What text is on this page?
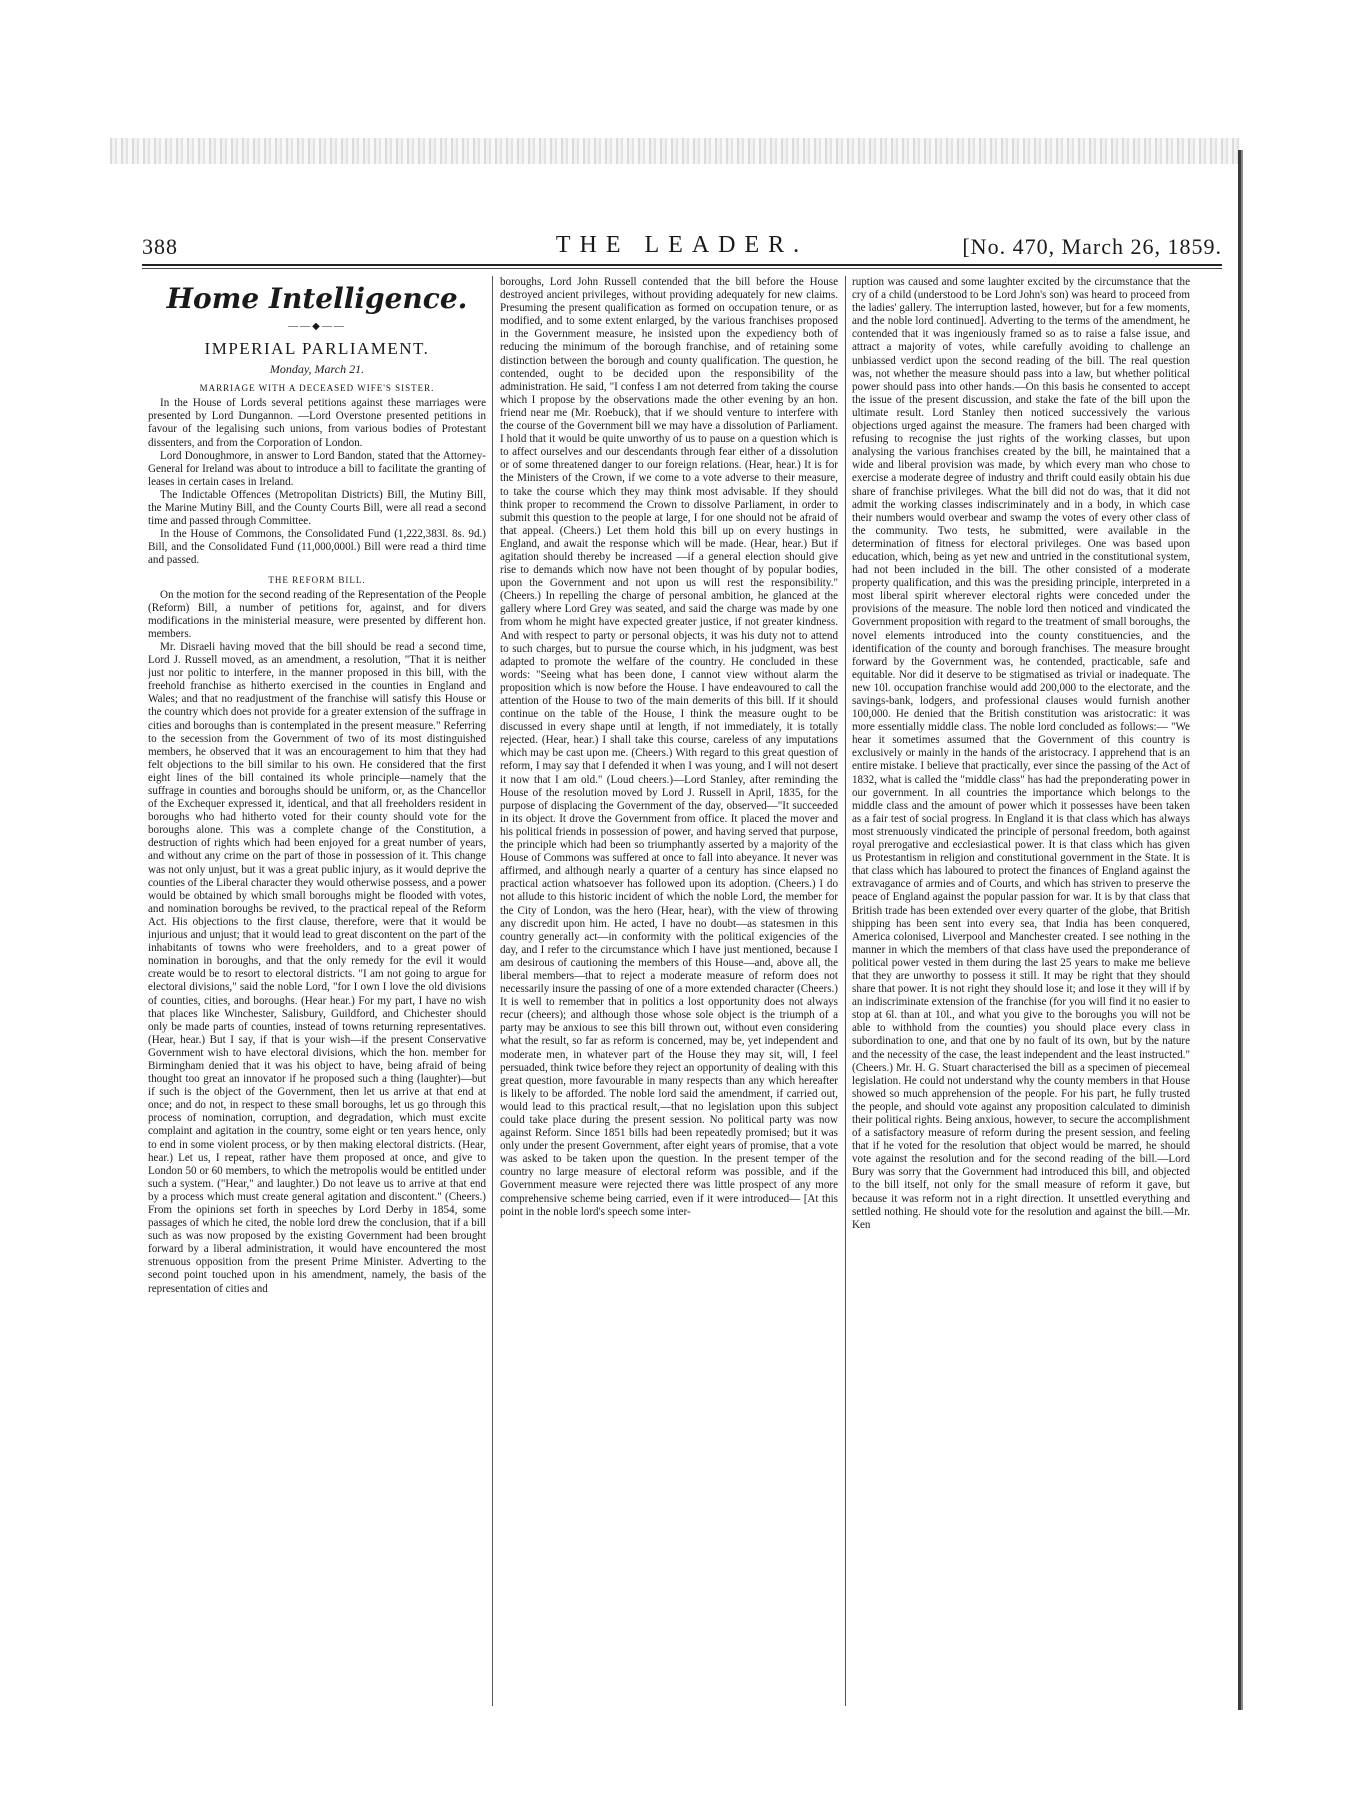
THE LEADER.
388	[No. 470, March 26, 1859.
Home Intelligence.
——◆——
IMPERIAL PARLIAMENT.
Monday, March 21.
MARRIAGE WITH A DECEASED WIFE'S SISTER.

In the House of Lords several petitions against these marriages were presented by Lord Dungannon. —Lord Overstone presented petitions in favour of the legalising such unions, from various bodies of Protestant dissenters, and from the Corporation of London.

Lord Donoughmore, in answer to Lord Bandon, stated that the Attorney-General for Ireland was about to introduce a bill to facilitate the granting of leases in certain cases in Ireland.

The Indictable Offences (Metropolitan Districts) Bill, the Mutiny Bill, the Marine Mutiny Bill, and the County Courts Bill, were all read a second time and passed through Committee.

In the House of Commons, the Consolidated Fund (1,222,383l. 8s. 9d.) Bill, and the Consolidated Fund (11,000,000l.) Bill were read a third time and passed.

THE REFORM BILL.

On the motion for the second reading of the Representation of the People (Reform) Bill, a number of petitions for, against, and for divers modifications in the ministerial measure, were presented by different hon. members.

Mr. Disraeli having moved that the bill should be read a second time, Lord J. Russell moved, as an amendment, a resolution, "That it is neither just nor politic to interfere, in the manner proposed in this bill, with the freehold franchise as hitherto exercised in the counties in England and Wales; and that no readjustment of the franchise will satisfy this House or the country which does not provide for a greater extension of the suffrage in cities and boroughs than is contemplated in the present measure." Referring to the secession from the Government of two of its most distinguished members, he observed that it was an encouragement to him that they had felt objections to the bill similar to his own. He considered that the first eight lines of the bill contained its whole principle—namely that the suffrage in counties and boroughs should be uniform, or, as the Chancellor of the Exchequer expressed it, identical, and that all freeholders resident in boroughs who had hitherto voted for their county should vote for the boroughs alone. This was a complete change of the Constitution, a destruction of rights which had been enjoyed for a great number of years, and without any crime on the part of those in possession of it. This change was not only unjust, but it was a great public injury, as it would deprive the counties of the Liberal character they would otherwise possess, and a power would be obtained by which small boroughs might be flooded with votes, and nomination boroughs be revived, to the practical repeal of the Reform Act. His objections to the first clause, therefore, were that it would be injurious and unjust; that it would lead to great discontent on the part of the inhabitants of towns who were freeholders, and to a great power of nomination in boroughs, and that the only remedy for the evil it would create would be to resort to electoral districts. "I am not going to argue for electoral divisions," said the noble Lord, "for I own I love the old divisions of counties, cities, and boroughs. (Hear hear.) For my part, I have no wish that places like Winchester, Salisbury, Guildford, and Chichester should only be made parts of counties, instead of towns returning representatives. (Hear, hear.) But I say, if that is your wish—if the present Conservative Government wish to have electoral divisions, which the hon. member for Birmingham denied that it was his object to have, being afraid of being thought too great an innovator if he proposed such a thing (laughter)—but if such is the object of the Government, then let us arrive at that end at once; and do not, in respect to these small boroughs, let us go through this process of nomination, corruption, and degradation, which must excite complaint and agitation in the country, some eight or ten years hence, only to end in some violent process, or by then making electoral districts. (Hear, hear.) Let us, I repeat, rather have them proposed at once, and give to London 50 or 60 members, to which the metropolis would be entitled under such a system. ("Hear," and laughter.) Do not leave us to arrive at that end by a process which must create general agitation and discontent." (Cheers.) From the opinions set forth in speeches by Lord Derby in 1854, some passages of which he cited, the noble lord drew the conclusion, that if a bill such as was now proposed by the existing Government had been brought forward by a liberal administration, it would have encountered the most strenuous opposition from the present Prime Minister. Adverting to the second point touched upon in his amendment, namely, the basis of the representation of cities and

boroughs, Lord John Russell contended that the bill before the House destroyed ancient privileges, without providing adequately for new claims. Presuming the present qualification as formed on occupation tenure, or as modified, and to some extent enlarged, by the various franchises proposed in the Government measure, he insisted upon the expediency both of reducing the minimum of the borough franchise, and of retaining some distinction between the borough and county qualification. The question, he contended, ought to be decided upon the responsibility of the administration. He said, "I confess I am not deterred from taking the course which I propose by the observations made the other evening by an hon. friend near me (Mr. Roebuck), that if we should venture to interfere with the course of the Government bill we may have a dissolution of Parliament. I hold that it would be quite unworthy of us to pause on a question which is to affect ourselves and our descendants through fear either of a dissolution or of some threatened danger to our foreign relations. (Hear, hear.) It is for the Ministers of the Crown, if we come to a vote adverse to their measure, to take the course which they may think most advisable. If they should think proper to recommend the Crown to dissolve Parliament, in order to submit this question to the people at large, I for one should not be afraid of that appeal. (Cheers.) Let them hold this bill up on every hustings in England, and await the response which will be made. (Hear, hear.) But if agitation should thereby be increased —if a general election should give rise to demands which now have not been thought of by popular bodies, upon the Government and not upon us will rest the responsibility." (Cheers.) In repelling the charge of personal ambition, he glanced at the gallery where Lord Grey was seated, and said the charge was made by one from whom he might have expected greater justice, if not greater kindness. And with respect to party or personal objects, it was his duty not to attend to such charges, but to pursue the course which, in his judgment, was best adapted to promote the welfare of the country. He concluded in these words: "Seeing what has been done, I cannot view without alarm the proposition which is now before the House. I have endeavoured to call the attention of the House to two of the main demerits of this bill. If it should continue on the table of the House, I think the measure ought to be discussed in every shape until at length, if not immediately, it is totally rejected. (Hear, hear.) I shall take this course, careless of any imputations which may be cast upon me. (Cheers.) With regard to this great question of reform, I may say that I defended it when I was young, and I will not desert it now that I am old." (Loud cheers.)—Lord Stanley, after reminding the House of the resolution moved by Lord J. Russell in April, 1835, for the purpose of displacing the Government of the day, observed—"It succeeded in its object. It drove the Government from office. It placed the mover and his political friends in possession of power, and having served that purpose, the principle which had been so triumphantly asserted by a majority of the House of Commons was suffered at once to fall into abeyance. It never was affirmed, and although nearly a quarter of a century has since elapsed no practical action whatsoever has followed upon its adoption. (Cheers.) I do not allude to this historic incident of which the noble Lord, the member for the City of London, was the hero (Hear, hear), with the view of throwing any discredit upon him. He acted, I have no doubt—as statesmen in this country generally act—in conformity with the political exigencies of the day, and I refer to the circumstance which I have just mentioned, because I am desirous of cautioning the members of this House—and, above all, the liberal members—that to reject a moderate measure of reform does not necessarily insure the passing of one of a more extended character (Cheers.) It is well to remember that in politics a lost opportunity does not always recur (cheers); and although those whose sole object is the triumph of a party may be anxious to see this bill thrown out, without even considering what the result, so far as reform is concerned, may be, yet independent and moderate men, in whatever part of the House they may sit, will, I feel persuaded, think twice before they reject an opportunity of dealing with this great question, more favourable in many respects than any which hereafter is likely to be afforded. The noble lord said the amendment, if carried out, would lead to this practical result,—that no legislation upon this subject could take place during the present session. No political party was now against Reform. Since 1851 bills had been repeatedly promised; but it was only under the present Government, after eight years of promise, that a vote was asked to be taken upon the question. In the present temper of the country no large measure of electoral reform was possible, and if the Government measure were rejected there was little prospect of any more comprehensive scheme being carried, even if it were introduced— [At this point in the noble lord's speech some inter-

ruption was caused and some laughter excited by the circumstance that the cry of a child (understood to be Lord John's son) was heard to proceed from the ladies' gallery. The interruption lasted, however, but for a few moments, and the noble lord continued]. Adverting to the terms of the amendment, he contended that it was ingeniously framed so as to raise a false issue, and attract a majority of votes, while carefully avoiding to challenge an unbiassed verdict upon the second reading of the bill. The real question was, not whether the measure should pass into a law, but whether political power should pass into other hands.—On this basis he consented to accept the issue of the present discussion, and stake the fate of the bill upon the ultimate result. Lord Stanley then noticed successively the various objections urged against the measure. The framers had been charged with refusing to recognise the just rights of the working classes, but upon analysing the various franchises created by the bill, he maintained that a wide and liberal provision was made, by which every man who chose to exercise a moderate degree of industry and thrift could easily obtain his due share of franchise privileges. What the bill did not do was, that it did not admit the working classes indiscriminately and in a body, in which case their numbers would overbear and swamp the votes of every other class of the community. Two tests, he submitted, were available in the determination of fitness for electoral privileges. One was based upon education, which, being as yet new and untried in the constitutional system, had not been included in the bill. The other consisted of a moderate property qualification, and this was the presiding principle, interpreted in a most liberal spirit wherever electoral rights were conceded under the provisions of the measure. The noble lord then noticed and vindicated the Government proposition with regard to the treatment of small boroughs, the novel elements introduced into the county constituencies, and the identification of the county and borough franchises. The measure brought forward by the Government was, he contended, practicable, safe and equitable. Nor did it deserve to be stigmatised as trivial or inadequate. The new 10l. occupation franchise would add 200,000 to the electorate, and the savings-bank, lodgers, and professional clauses would furnish another 100,000. He denied that the British constitution was aristocratic: it was more essentially middle class. The noble lord concluded as follows:— "We hear it sometimes assumed that the Government of this country is exclusively or mainly in the hands of the aristocracy. I apprehend that is an entire mistake. I believe that practically, ever since the passing of the Act of 1832, what is called the "middle class" has had the preponderating power in our government. In all countries the importance which belongs to the middle class and the amount of power which it possesses have been taken as a fair test of social progress. In England it is that class which has always most strenuously vindicated the principle of personal freedom, both against royal prerogative and ecclesiastical power. It is that class which has given us Protestantism in religion and constitutional government in the State. It is that class which has laboured to protect the finances of England against the extravagance of armies and of Courts, and which has striven to preserve the peace of England against the popular passion for war. It is by that class that British trade has been extended over every quarter of the globe, that British shipping has been sent into every sea, that India has been conquered, America colonised, Liverpool and Manchester created. I see nothing in the manner in which the members of that class have used the preponderance of political power vested in them during the last 25 years to make me believe that they are unworthy to possess it still. It may be right that they should share that power. It is not right they should lose it; and lose it they will if by an indiscriminate extension of the franchise (for you will find it no easier to stop at 6l. than at 10l., and what you give to the boroughs you will not be able to withhold from the counties) you should place every class in subordination to one, and that one by no fault of its own, but by the nature and the necessity of the case, the least independent and the least instructed." (Cheers.) Mr. H. G. Stuart characterised the bill as a specimen of piecemeal legislation. He could not understand why the county members in that House showed so much apprehension of the people. For his part, he fully trusted the people, and should vote against any proposition calculated to diminish their political rights. Being anxious, however, to secure the accomplishment of a satisfactory measure of reform during the present session, and feeling that if he voted for the resolution that object would be marred, he should vote against the resolution and for the second reading of the bill.—Lord Bury was sorry that the Government had introduced this bill, and objected to the bill itself, not only for the small measure of reform it gave, but because it was reform not in a right direction. It unsettled everything and settled nothing. He should vote for the resolution and against the bill.—Mr. Ken
